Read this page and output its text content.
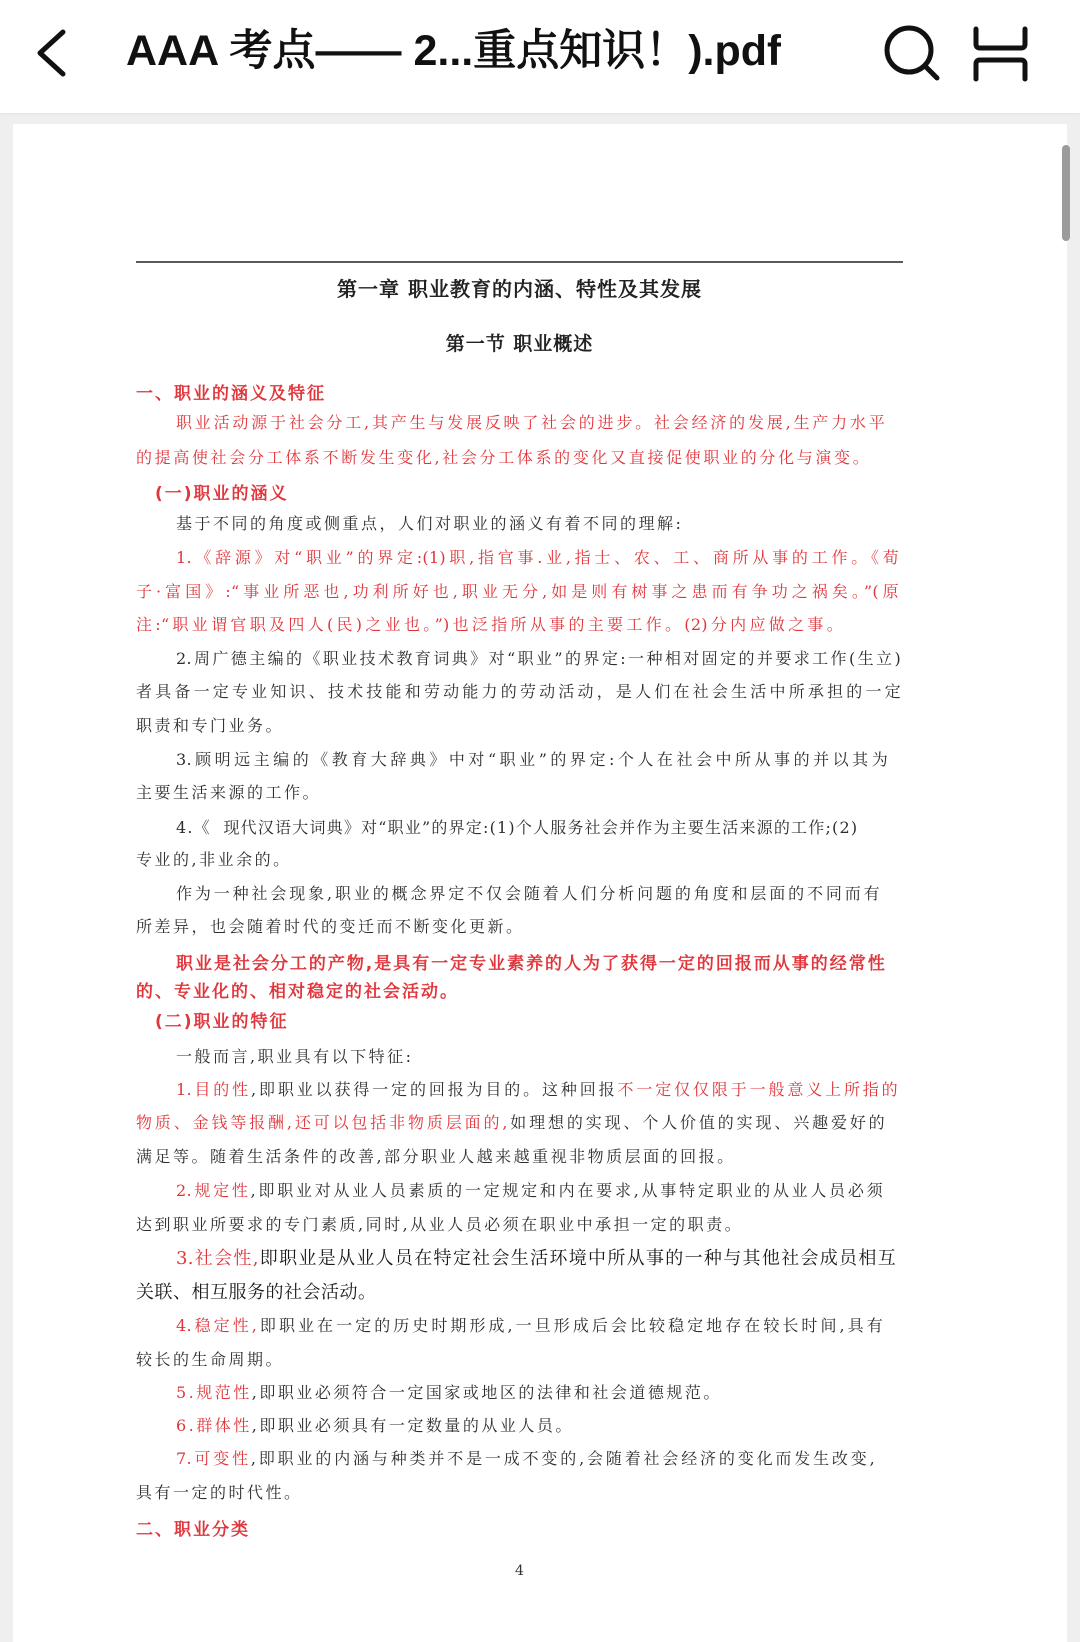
AAA 考点—— 2...重点知识！).pdf
第一章 职业教育的内涵、特性及其发展
第一节 职业概述
一、职业的涵义及特征
职业活动源于社会分工,其产生与发展反映了社会的进步。社会经济的发展,生产力水平
的提高使社会分工体系不断发生变化,社会分工体系的变化又直接促使职业的分化与演变。
(一)职业的涵义
基于不同的角度或侧重点，人们对职业的涵义有着不同的理解:
1.《辞源》对“职业”的界定:(1)职,指官事.业,指士、农、工、商所从事的工作。《荀
子·富国》:“事业所恶也,功利所好也,职业无分,如是则有树事之患而有争功之祸矣。”(原
注:“职业谓官职及四人(民)之业也。”)也泛指所从事的主要工作。(2)分内应做之事。
2.周广德主编的《职业技术教育词典》对“职业”的界定:一种相对固定的并要求工作(生立)
者具备一定专业知识、技术技能和劳动能力的劳动活动，是人们在社会生活中所承担的一定
职责和专门业务。
3.顾明远主编的《教育大辞典》中对“职业”的界定:个人在社会中所从事的并以其为
主要生活来源的工作。
4.《  现代汉语大词典》对“职业”的界定:(1)个人服务社会并作为主要生活来源的工作;(2)
专业的,非业余的。
作为一种社会现象,职业的概念界定不仅会随着人们分析问题的角度和层面的不同而有
所差异，也会随着时代的变迁而不断变化更新。
职业是社会分工的产物,是具有一定专业素养的人为了获得一定的回报而从事的经常性
的、专业化的、相对稳定的社会活动。
(二)职业的特征
一般而言,职业具有以下特征:
1.目的性,即职业以获得一定的回报为目的。这种回报不一定仅仅限于一般意义上所指的
物质、金钱等报酬,还可以包括非物质层面的,如理想的实现、个人价值的实现、兴趣爱好的
满足等。随着生活条件的改善,部分职业人越来越重视非物质层面的回报。
2.规定性,即职业对从业人员素质的一定规定和内在要求,从事特定职业的从业人员必须
达到职业所要求的专门素质,同时,从业人员必须在职业中承担一定的职责。
3.社会性,即职业是从业人员在特定社会生活环境中所从事的一种与其他社会成员相互
关联、相互服务的社会活动。
4.稳定性,即职业在一定的历史时期形成,一旦形成后会比较稳定地存在较长时间,具有
较长的生命周期。
5.规范性,即职业必须符合一定国家或地区的法律和社会道德规范。
6.群体性,即职业必须具有一定数量的从业人员。
7.可变性,即职业的内涵与种类并不是一成不变的,会随着社会经济的变化而发生改变,
具有一定的时代性。
二、职业分类
4
